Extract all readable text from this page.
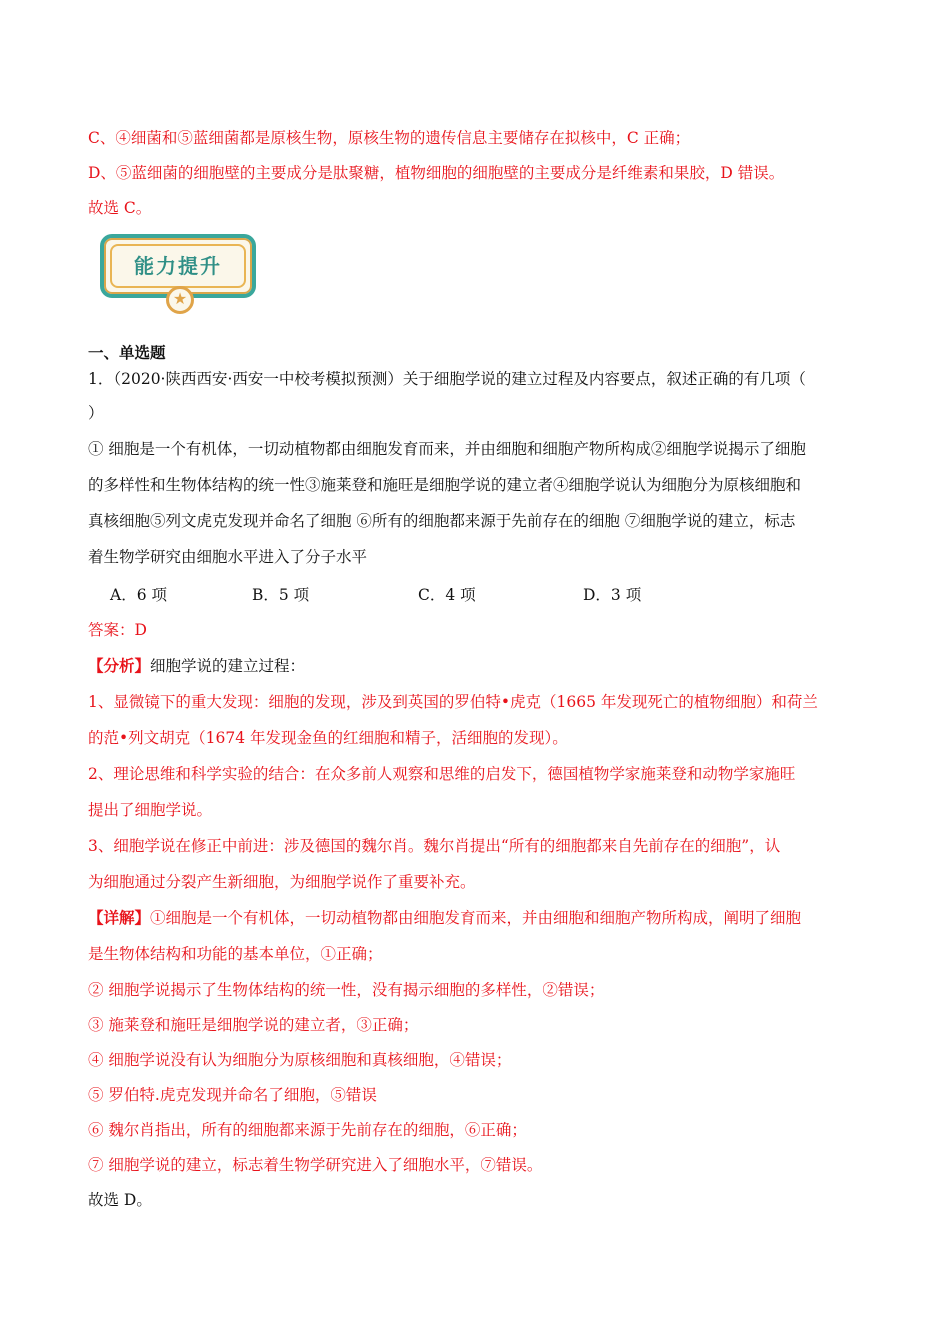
C、④细菌和⑤蓝细菌都是原核生物，原核生物的遗传信息主要储存在拟核中，C 正确；
D、⑤蓝细菌的细胞壁的主要成分是肽聚糖，植物细胞的细胞壁的主要成分是纤维素和果胶，D 错误。
故选 C。
能力提升
★
一、单选题
1．（2020·陕西西安·西安一中校考模拟预测）关于细胞学说的建立过程及内容要点，叙述正确的有几项（
）
① 细胞是一个有机体，一切动植物都由细胞发育而来，并由细胞和细胞产物所构成②细胞学说揭示了细胞
的多样性和生物体结构的统一性③施莱登和施旺是细胞学说的建立者④细胞学说认为细胞分为原核细胞和
真核细胞⑤列文虎克发现并命名了细胞 ⑥所有的细胞都来源于先前存在的细胞 ⑦细胞学说的建立，标志
着生物学研究由细胞水平进入了分子水平
A．6 项	B．5 项	C．4 项	D．3 项
答案：D
【分析】细胞学说的建立过程：
1、显微镜下的重大发现：细胞的发现，涉及到英国的罗伯特•虎克（1665 年发现死亡的植物细胞）和荷兰
的范•列文胡克（1674 年发现金鱼的红细胞和精子，活细胞的发现）。
2、理论思维和科学实验的结合：在众多前人观察和思维的启发下，德国植物学家施莱登和动物学家施旺
提出了细胞学说。
3、细胞学说在修正中前进：涉及德国的魏尔肖。魏尔肖提出“所有的细胞都来自先前存在的细胞”，认
为细胞通过分裂产生新细胞，为细胞学说作了重要补充。
【详解】①细胞是一个有机体，一切动植物都由细胞发育而来，并由细胞和细胞产物所构成，阐明了细胞
是生物体结构和功能的基本单位，①正确；
② 细胞学说揭示了生物体结构的统一性，没有揭示细胞的多样性，②错误；
③ 施莱登和施旺是细胞学说的建立者，③正确；
④ 细胞学说没有认为细胞分为原核细胞和真核细胞，④错误；
⑤ 罗伯特.虎克发现并命名了细胞，⑤错误
⑥ 魏尔肖指出，所有的细胞都来源于先前存在的细胞，⑥正确；
⑦ 细胞学说的建立，标志着生物学研究进入了细胞水平，⑦错误。
故选 D。
